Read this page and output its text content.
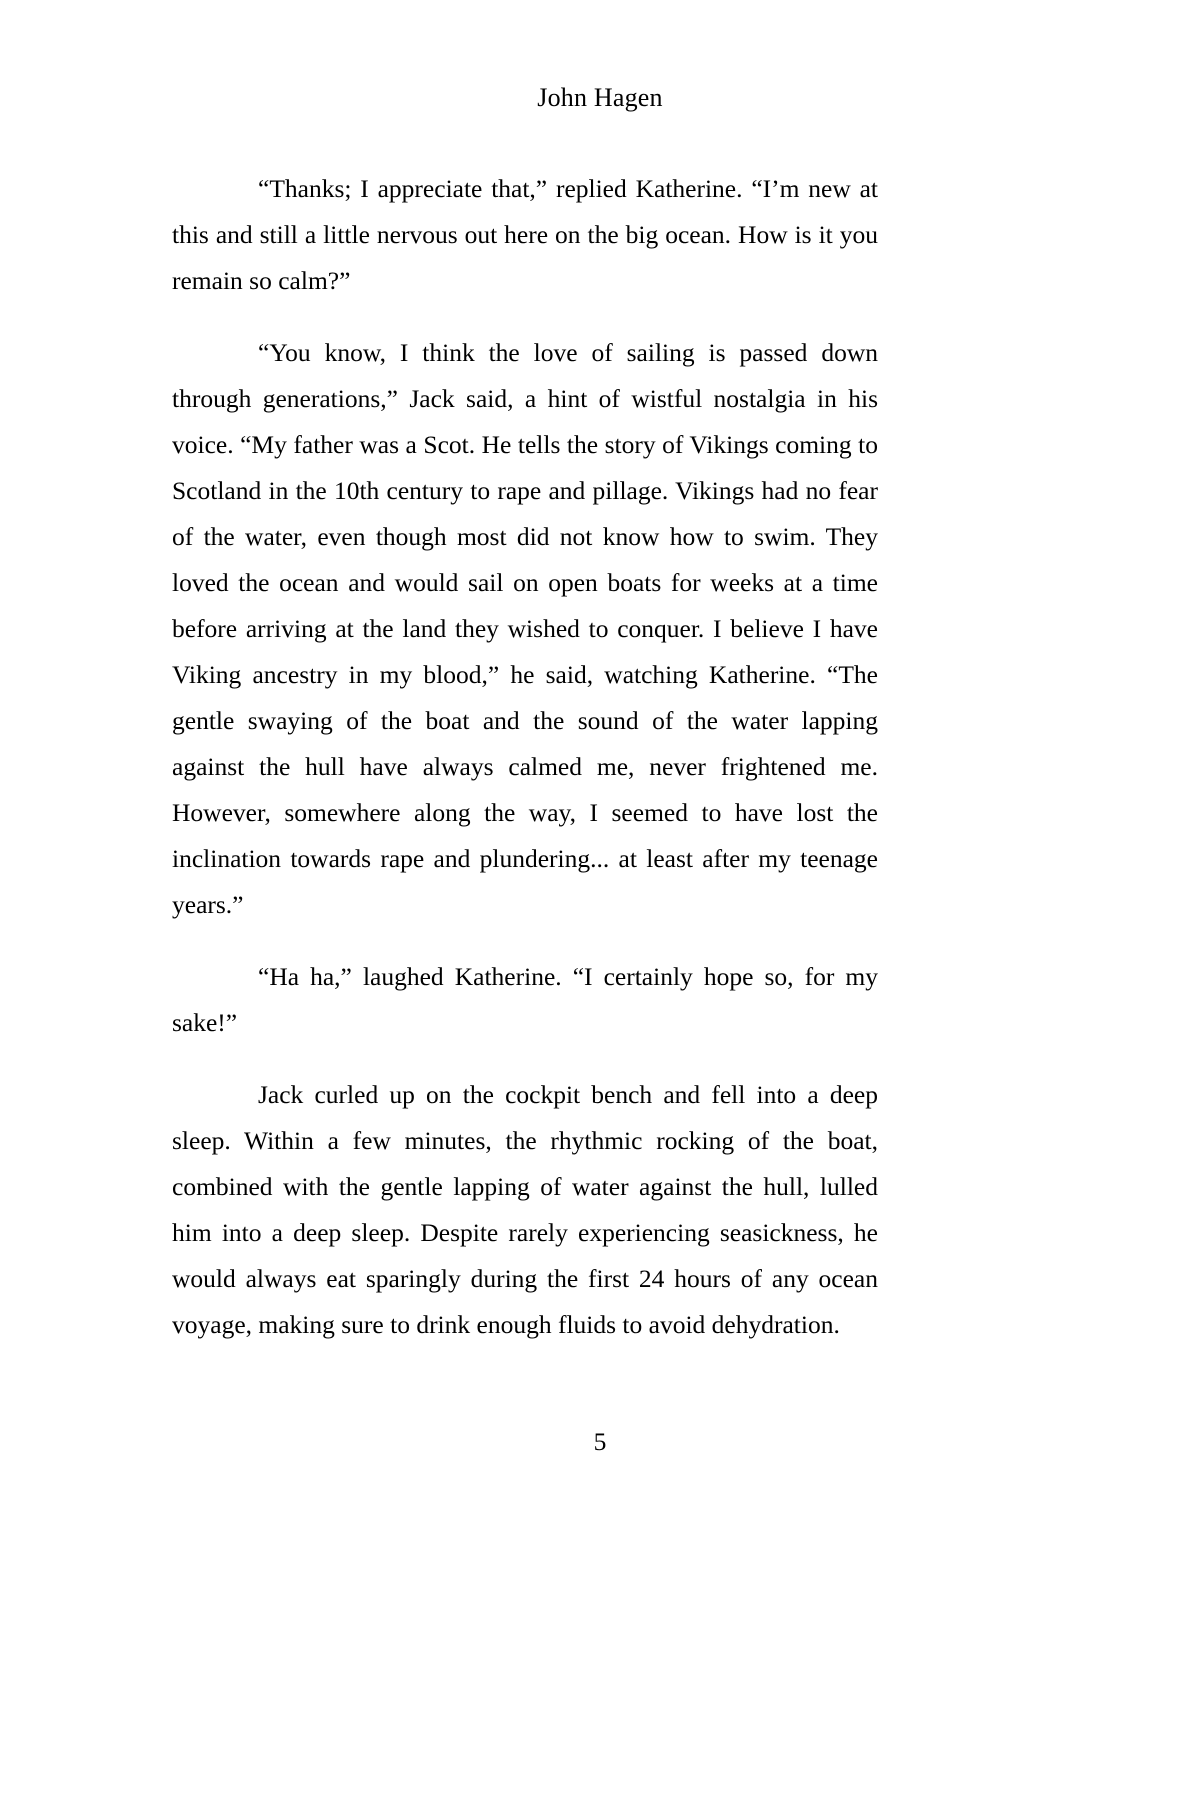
John Hagen

“Thanks; I appreciate that,” replied Katherine. “I’m new at this and still a little nervous out here on the big ocean. How is it you remain so calm?”

“You know, I think the love of sailing is passed down through generations,” Jack said, a hint of wistful nostalgia in his voice. “My father was a Scot. He tells the story of Vikings coming to Scotland in the 10th century to rape and pillage. Vikings had no fear of the water, even though most did not know how to swim. They loved the ocean and would sail on open boats for weeks at a time before arriving at the land they wished to conquer. I believe I have Viking ancestry in my blood,” he said, watching Katherine. “The gentle swaying of the boat and the sound of the water lapping against the hull have always calmed me, never frightened me. However, somewhere along the way, I seemed to have lost the inclination towards rape and plundering... at least after my teenage years.”

“Ha ha,” laughed Katherine. “I certainly hope so, for my sake!”

Jack curled up on the cockpit bench and fell into a deep sleep. Within a few minutes, the rhythmic rocking of the boat, combined with the gentle lapping of water against the hull, lulled him into a deep sleep. Despite rarely experiencing seasickness, he would always eat sparingly during the first 24 hours of any ocean voyage, making sure to drink enough fluids to avoid dehydration.

5
